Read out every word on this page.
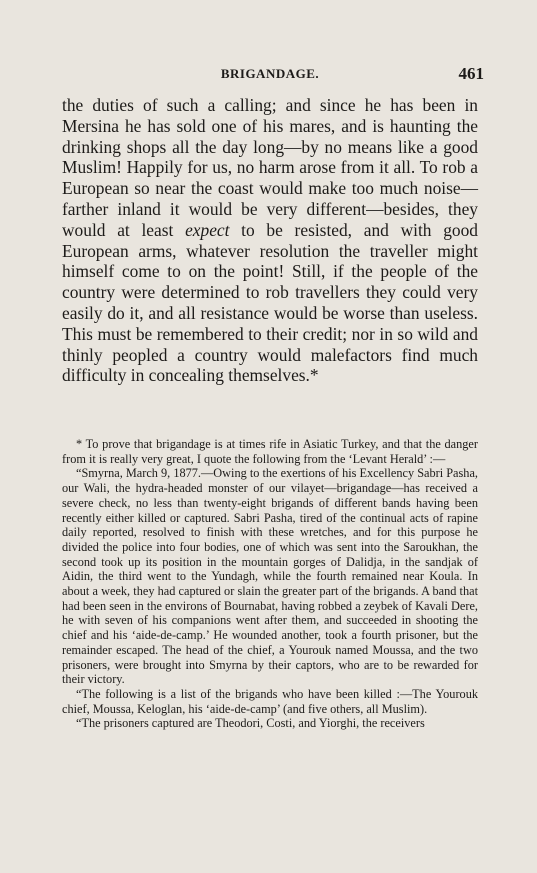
BRIGANDAGE.	461

the duties of such a calling; and since he has been in Mersina he has sold one of his mares, and is haunting the drinking shops all the day long—by no means like a good Muslim! Happily for us, no harm arose from it all. To rob a European so near the coast would make too much noise—farther inland it would be very different—besides, they would at least expect to be resisted, and with good European arms, whatever resolution the traveller might himself come to on the point! Still, if the people of the country were determined to rob travellers they could very easily do it, and all resistance would be worse than useless. This must be remembered to their credit; nor in so wild and thinly peopled a country would malefactors find much difficulty in concealing themselves.*

* To prove that brigandage is at times rife in Asiatic Turkey, and that the danger from it is really very great, I quote the following from the ‘Levant Herald’ :—

“Smyrna, March 9, 1877.—Owing to the exertions of his Excellency Sabri Pasha, our Wali, the hydra-headed monster of our vilayet—brigandage—has received a severe check, no less than twenty-eight brigands of different bands having been recently either killed or captured. Sabri Pasha, tired of the continual acts of rapine daily reported, resolved to finish with these wretches, and for this purpose he divided the police into four bodies, one of which was sent into the Saroukhan, the second took up its position in the mountain gorges of Dalidja, in the sandjak of Aidin, the third went to the Yundagh, while the fourth remained near Koula. In about a week, they had captured or slain the greater part of the brigands. A band that had been seen in the environs of Bournabat, having robbed a zeybek of Kavali Dere, he with seven of his companions went after them, and succeeded in shooting the chief and his ‘aide-de-camp.’ He wounded another, took a fourth prisoner, but the remainder escaped. The head of the chief, a Yourouk named Moussa, and the two prisoners, were brought into Smyrna by their captors, who are to be rewarded for their victory.

“The following is a list of the brigands who have been killed :—The Yourouk chief, Moussa, Keloglan, his ‘aide-de-camp’ (and five others, all Muslim).

“The prisoners captured are Theodori, Costi, and Yiorghi, the receivers
